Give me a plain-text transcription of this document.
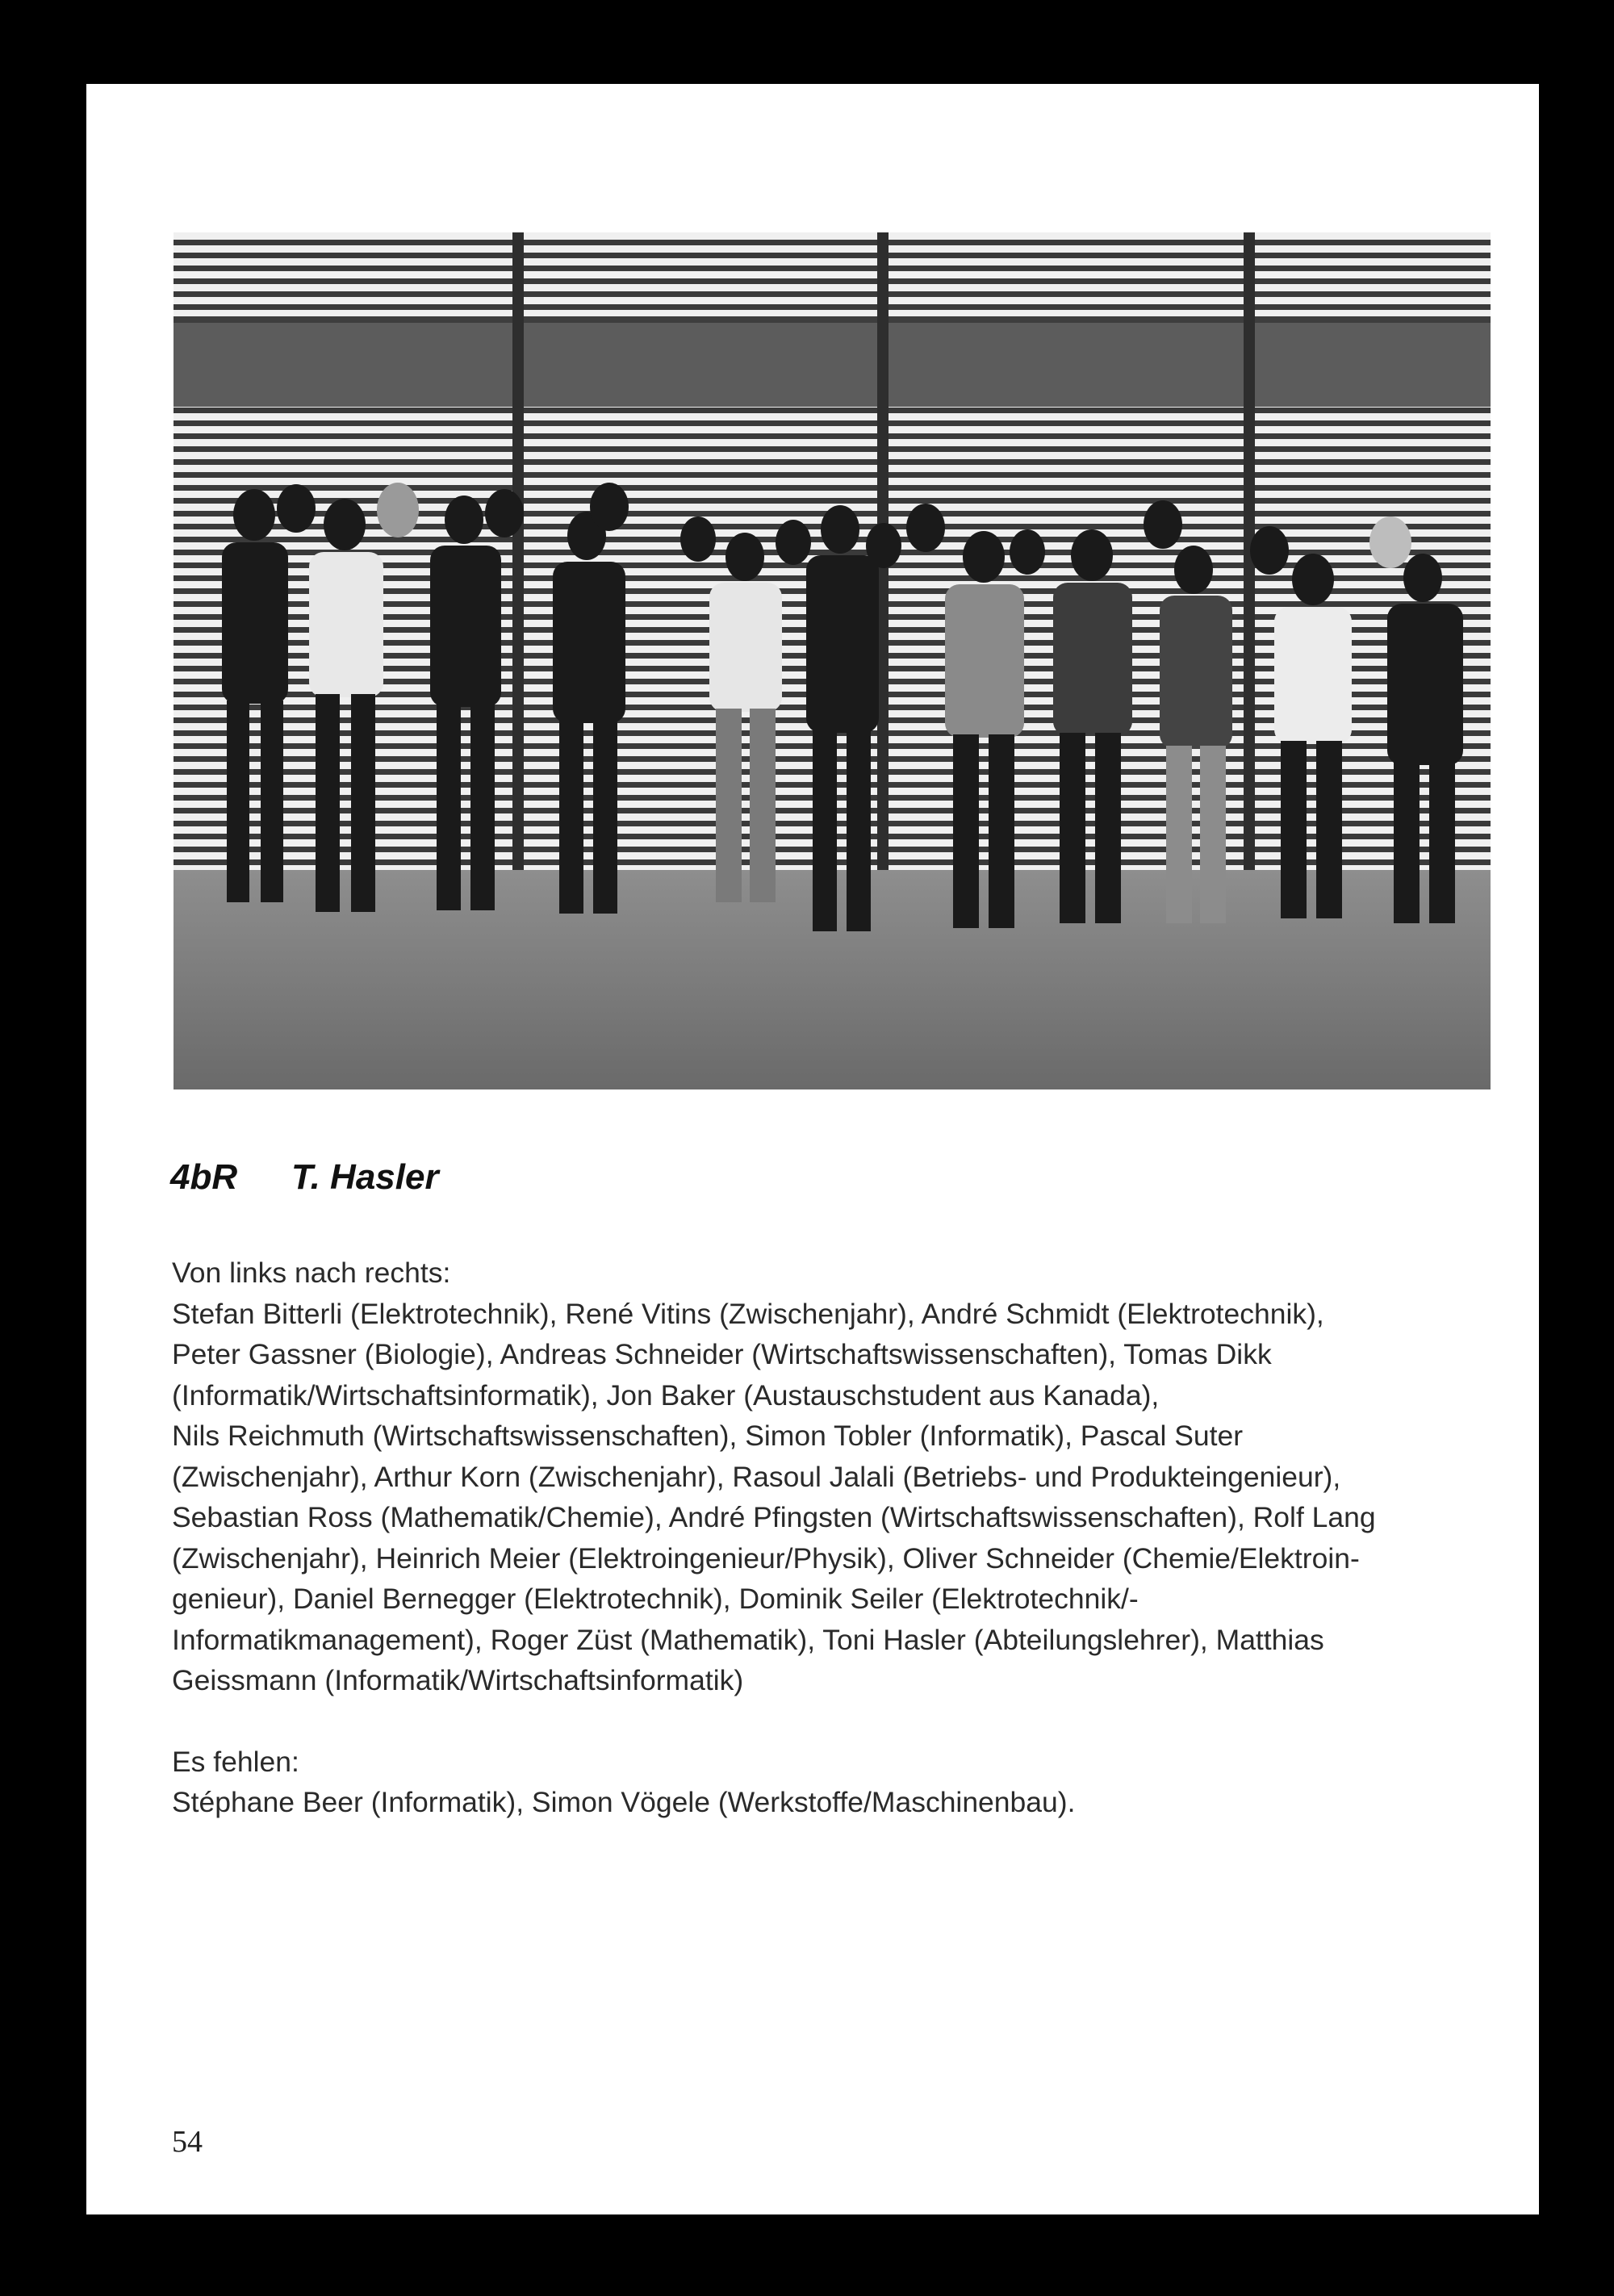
4bR T. Hasler

Von links nach rechts:

Stefan Bitterli (Elektrotechnik), René Vitins (Zwischenjahr), André Schmidt (Elektrotechnik),

Peter Gassner (Biologie), Andreas Schneider (Wirtschaftswissenschaften), Tomas Dikk

(Informatik/Wirtschaftsinformatik), Jon Baker (Austauschstudent aus Kanada),

Nils Reichmuth (Wirtschaftswissenschaften), Simon Tobler (Informatik), Pascal Suter

(Zwischenjahr), Arthur Korn (Zwischenjahr), Rasoul Jalali (Betriebs- und Produkteingenieur),

Sebastian Ross (Mathematik/Chemie), André Pfingsten (Wirtschaftswissenschaften), Rolf Lang

(Zwischenjahr), Heinrich Meier (Elektroingenieur/Physik), Oliver Schneider (Chemie/Elektroin-

genieur), Daniel Bernegger (Elektrotechnik), Dominik Seiler (Elektrotechnik/-

Informatikmanagement), Roger Züst (Mathematik), Toni Hasler (Abteilungslehrer), Matthias

Geissmann (Informatik/Wirtschaftsinformatik)

Es fehlen:

Stéphane Beer (Informatik), Simon Vögele (Werkstoffe/Maschinenbau).

54
